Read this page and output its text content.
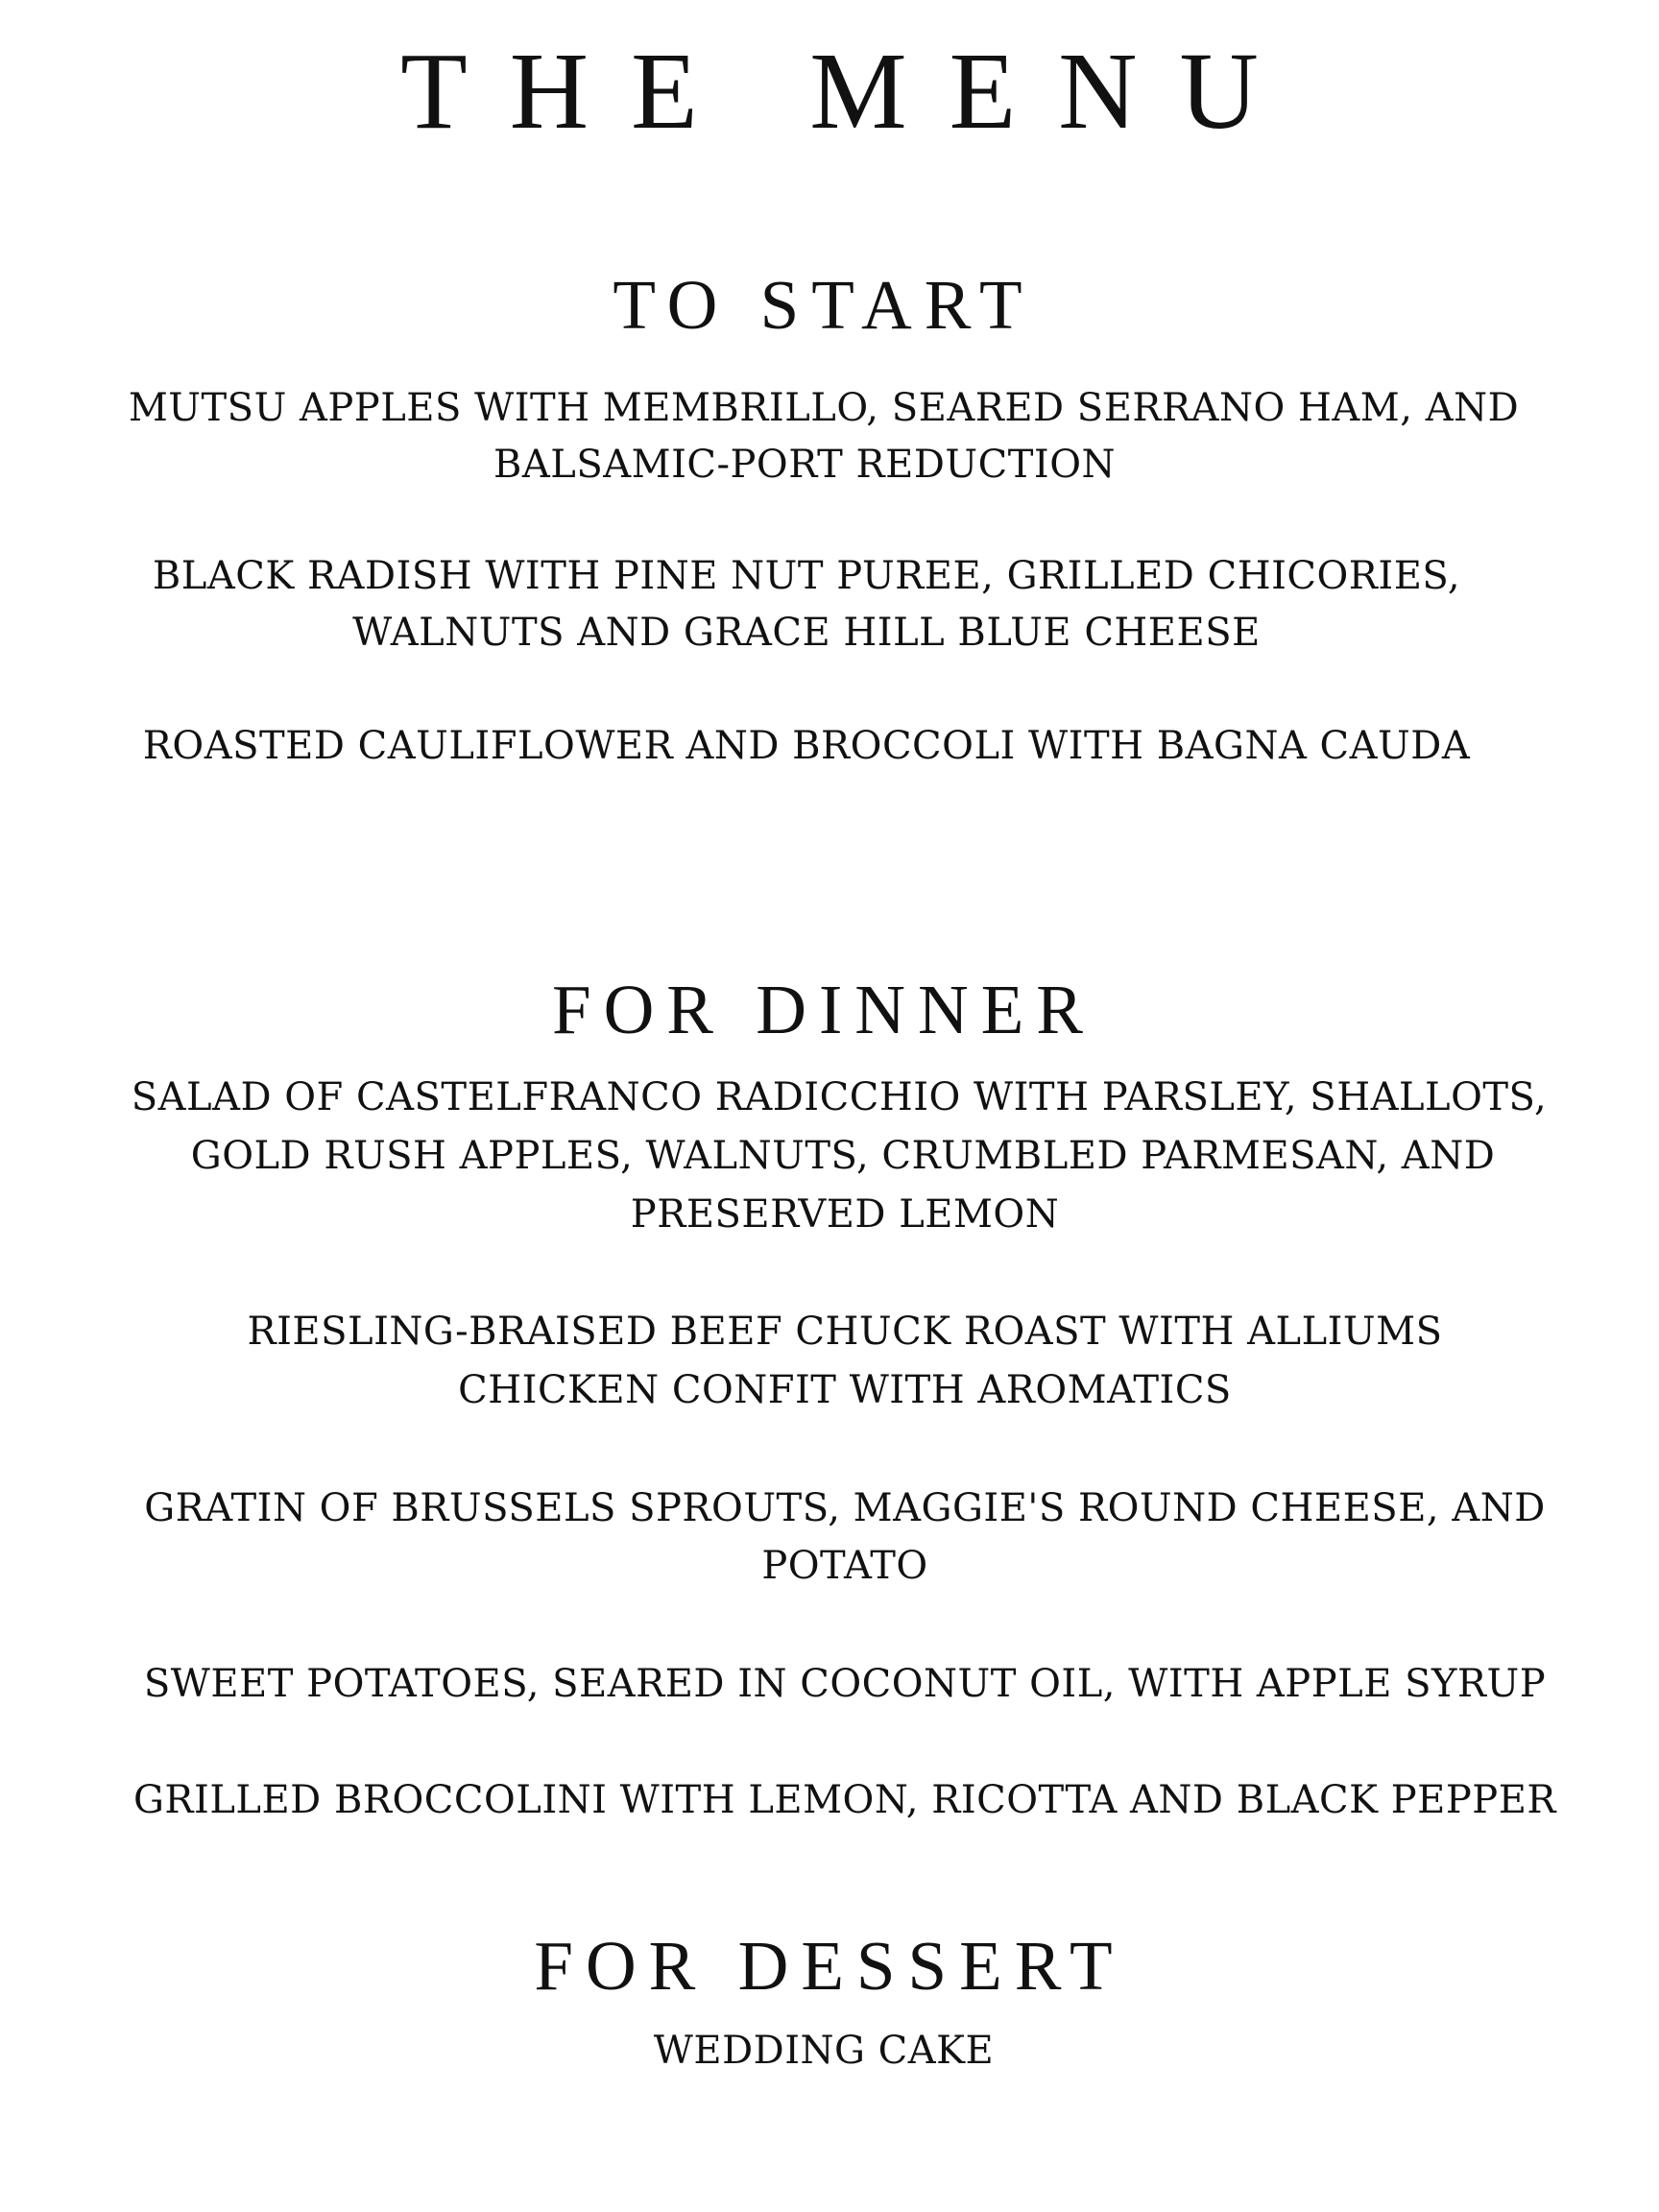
THE MENU
TO START

MUTSU APPLES WITH MEMBRILLO, SEARED SERRANO HAM, AND

BALSAMIC-PORT REDUCTION

BLACK RADISH WITH PINE NUT PUREE, GRILLED CHICORIES,

WALNUTS AND GRACE HILL BLUE CHEESE

ROASTED CAULIFLOWER AND BROCCOLI WITH BAGNA CAUDA

FOR DINNER

SALAD OF CASTELFRANCO RADICCHIO WITH PARSLEY, SHALLOTS,

GOLD RUSH APPLES, WALNUTS, CRUMBLED PARMESAN, AND

PRESERVED LEMON

RIESLING-BRAISED BEEF CHUCK ROAST WITH ALLIUMS

CHICKEN CONFIT WITH AROMATICS

GRATIN OF BRUSSELS SPROUTS, MAGGIE'S ROUND CHEESE, AND

POTATO

SWEET POTATOES, SEARED IN COCONUT OIL, WITH APPLE SYRUP

GRILLED BROCCOLINI WITH LEMON, RICOTTA AND BLACK PEPPER

FOR DESSERT

WEDDING CAKE
